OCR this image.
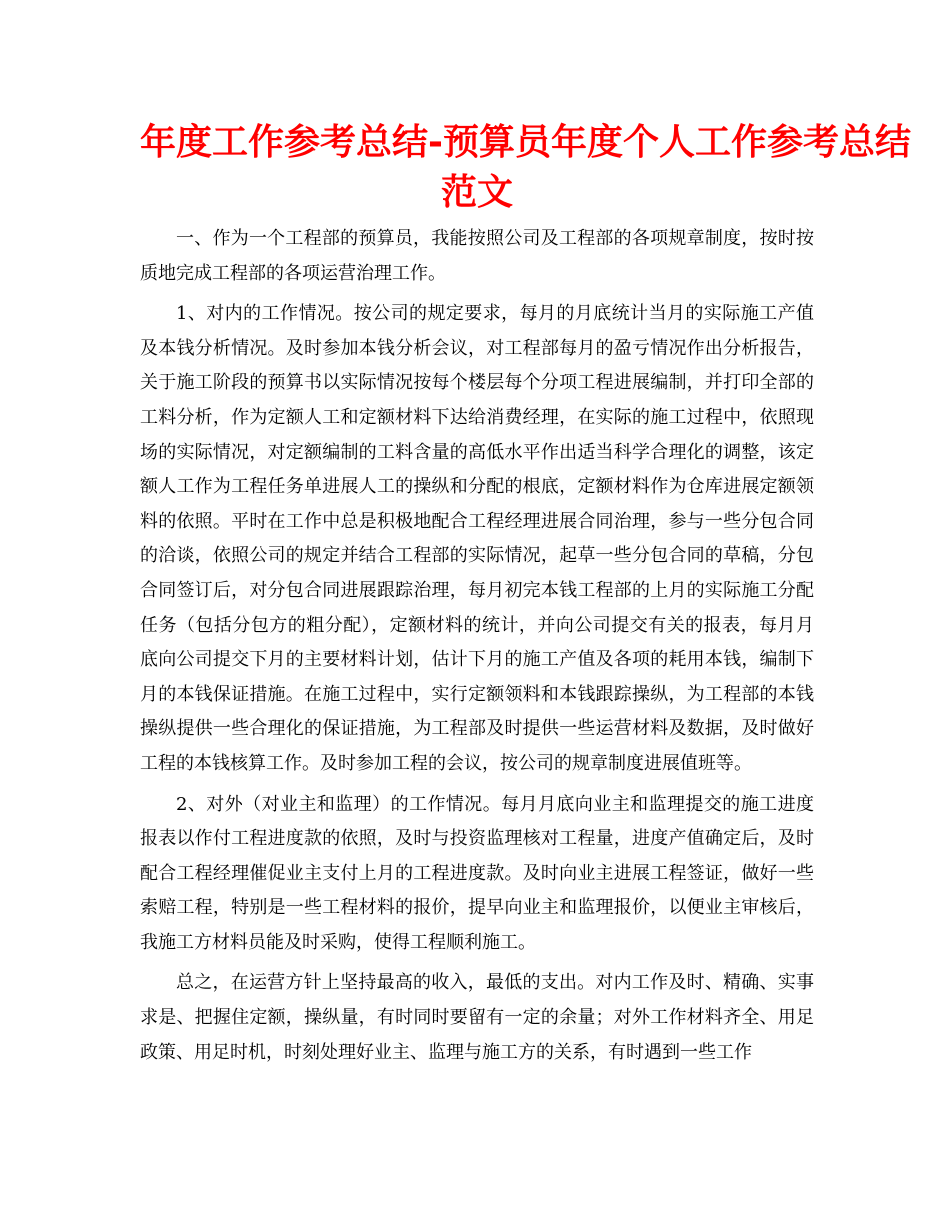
年度工作参考总结-预算员年度个人工作参考总结
范文

一、作为一个工程部的预算员，我能按照公司及工程部的各项规章制度，按时按质地完成工程部的各项运营治理工作。

1、对内的工作情况。按公司的规定要求，每月的月底统计当月的实际施工产值及本钱分析情况。及时参加本钱分析会议，对工程部每月的盈亏情况作出分析报告，关于施工阶段的预算书以实际情况按每个楼层每个分项工程进展编制，并打印全部的工料分析，作为定额人工和定额材料下达给消费经理，在实际的施工过程中，依照现场的实际情况，对定额编制的工料含量的高低水平作出适当科学合理化的调整，该定额人工作为工程任务单进展人工的操纵和分配的根底，定额材料作为仓库进展定额领料的依照。平时在工作中总是积极地配合工程经理进展合同治理，参与一些分包合同的洽谈，依照公司的规定并结合工程部的实际情况，起草一些分包合同的草稿，分包合同签订后，对分包合同进展跟踪治理，每月初完本钱工程部的上月的实际施工分配任务（包括分包方的粗分配），定额材料的统计，并向公司提交有关的报表，每月月底向公司提交下月的主要材料计划，估计下月的施工产值及各项的耗用本钱，编制下月的本钱保证措施。在施工过程中，实行定额领料和本钱跟踪操纵，为工程部的本钱操纵提供一些合理化的保证措施，为工程部及时提供一些运营材料及数据，及时做好工程的本钱核算工作。及时参加工程的会议，按公司的规章制度进展值班等。

2、对外（对业主和监理）的工作情况。每月月底向业主和监理提交的施工进度报表以作付工程进度款的依照，及时与投资监理核对工程量，进度产值确定后，及时配合工程经理催促业主支付上月的工程进度款。及时向业主进展工程签证，做好一些索赔工程，特别是一些工程材料的报价，提早向业主和监理报价，以便业主审核后，我施工方材料员能及时采购，使得工程顺利施工。

总之，在运营方针上坚持最高的收入，最低的支出。对内工作及时、精确、实事求是、把握住定额，操纵量，有时同时要留有一定的余量；对外工作材料齐全、用足政策、用足时机，时刻处理好业主、监理与施工方的关系，有时遇到一些工作
